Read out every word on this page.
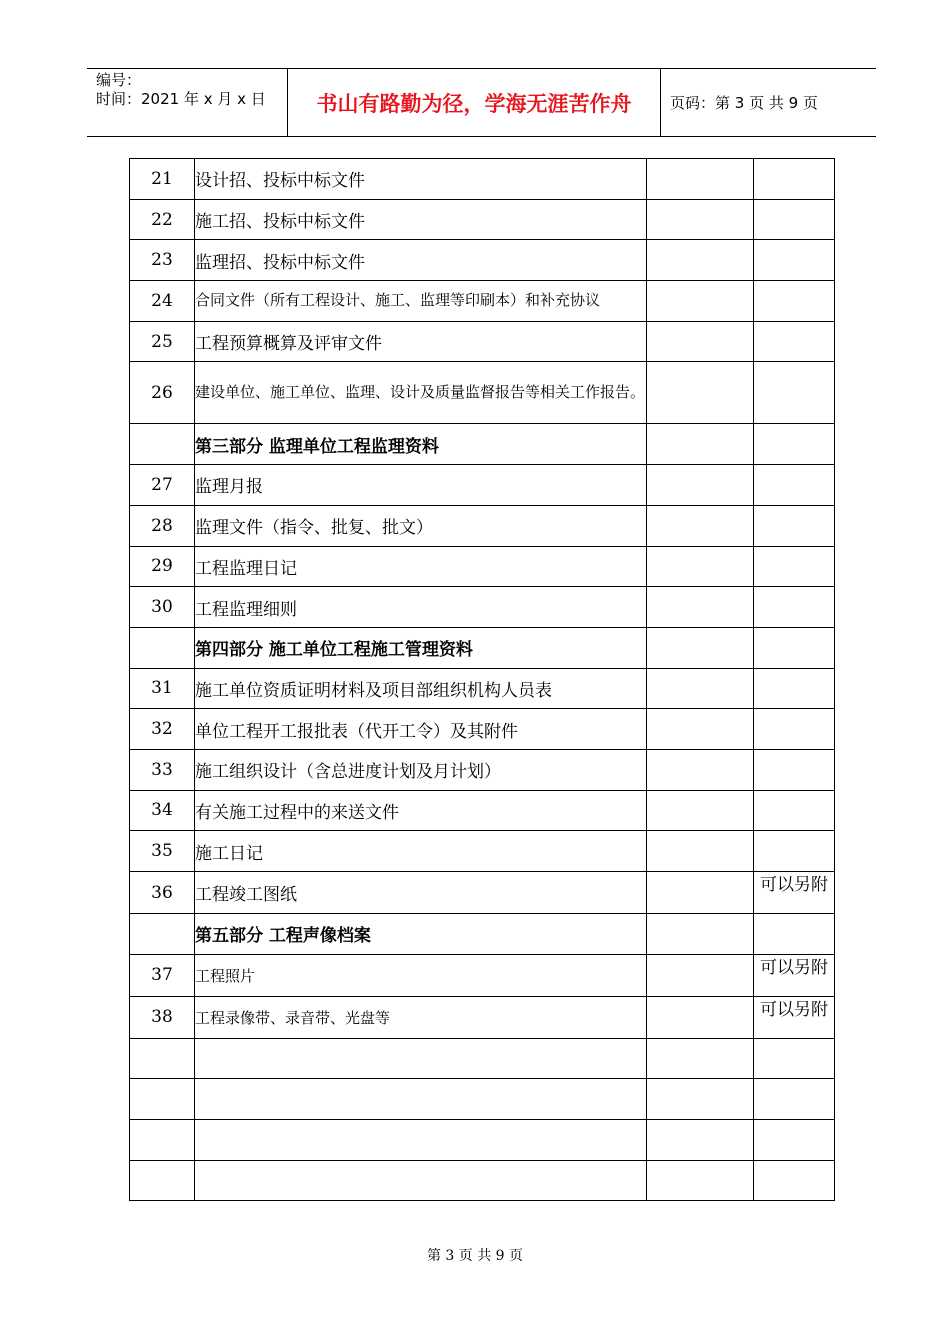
编号：
时间：2021 年 x 月 x 日	书山有路勤为径，学海无涯苦作舟	页码：第 3 页 共 9 页
21	设计招、投标中标文件		
22	施工招、投标中标文件		
23	监理招、投标中标文件		
24	合同文件（所有工程设计、施工、监理等印刷本）和补充协议		

25	工程预算概算及评审文件		
26	建设单位、施工单位、监理、设计及质量监督报告等相关工作报告。		
	第三部分 监理单位工程监理资料		
27	监理月报		
28	监理文件（指令、批复、批文）		
29	工程监理日记		
30	工程监理细则		
	第四部分 施工单位工程施工管理资料		
31	施工单位资质证明材料及项目部组织机构人员表		
32	单位工程开工报批表（代开工令）及其附件		
33	施工组织设计（含总进度计划及月计划）		
34	有关施工过程中的来送文件		
35	施工日记		
36	工程竣工图纸		可以另附

	第五部分 工程声像档案		
37	工程照片		可以另附

38	工程录像带、录音带、光盘等		可以另附

第 3 页 共 9 页
